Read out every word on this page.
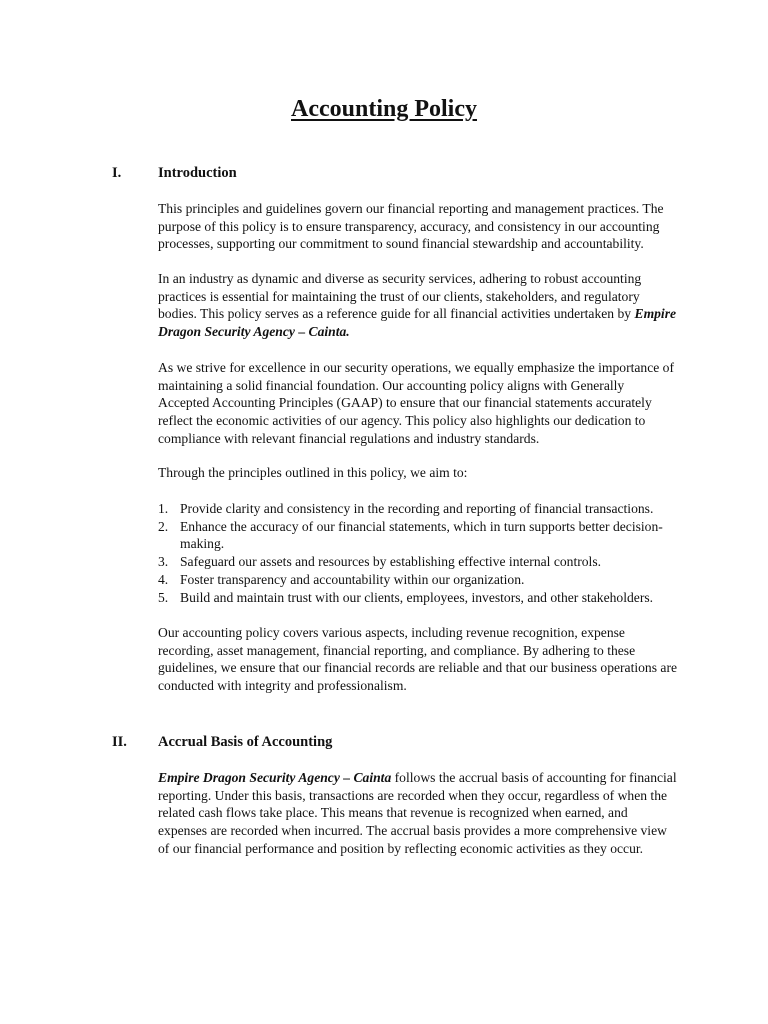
Accounting Policy
I.	Introduction

This principles and guidelines govern our financial reporting and management practices. The purpose of this policy is to ensure transparency, accuracy, and consistency in our accounting processes, supporting our commitment to sound financial stewardship and accountability.

In an industry as dynamic and diverse as security services, adhering to robust accounting practices is essential for maintaining the trust of our clients, stakeholders, and regulatory bodies. This policy serves as a reference guide for all financial activities undertaken by Empire Dragon Security Agency – Cainta.

As we strive for excellence in our security operations, we equally emphasize the importance of maintaining a solid financial foundation. Our accounting policy aligns with Generally Accepted Accounting Principles (GAAP) to ensure that our financial statements accurately reflect the economic activities of our agency. This policy also highlights our dedication to compliance with relevant financial regulations and industry standards.

Through the principles outlined in this policy, we aim to:

1. Provide clarity and consistency in the recording and reporting of financial transactions.
2. Enhance the accuracy of our financial statements, which in turn supports better decision-making.
3. Safeguard our assets and resources by establishing effective internal controls.
4. Foster transparency and accountability within our organization.
5. Build and maintain trust with our clients, employees, investors, and other stakeholders.

Our accounting policy covers various aspects, including revenue recognition, expense recording, asset management, financial reporting, and compliance. By adhering to these guidelines, we ensure that our financial records are reliable and that our business operations are conducted with integrity and professionalism.

II. Accrual Basis of Accounting

Empire Dragon Security Agency – Cainta follows the accrual basis of accounting for financial reporting. Under this basis, transactions are recorded when they occur, regardless of when the related cash flows take place. This means that revenue is recognized when earned, and expenses are recorded when incurred. The accrual basis provides a more comprehensive view of our financial performance and position by reflecting economic activities as they occur.
